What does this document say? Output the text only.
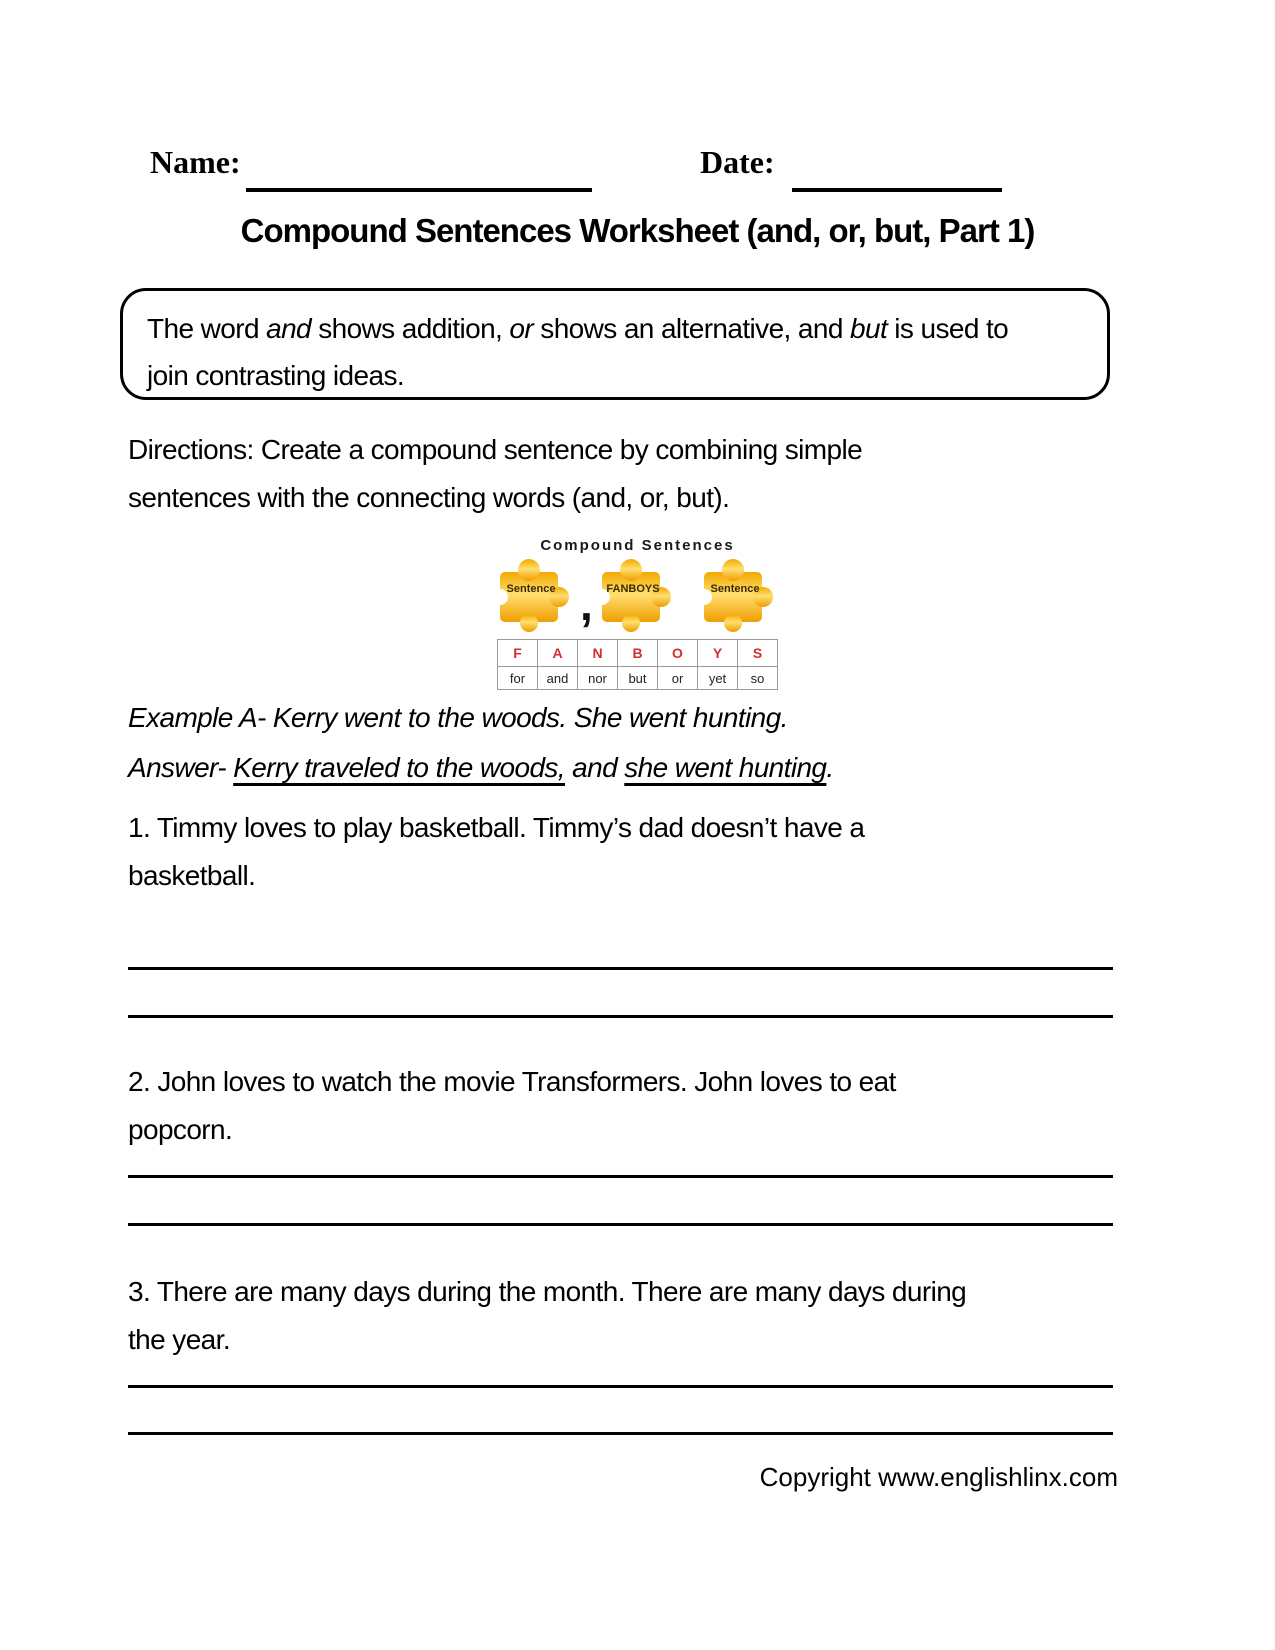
Name:	Date:
Compound Sentences Worksheet (and, or, but, Part 1)
The word and shows addition, or shows an alternative, and but is used to
join contrasting ideas.
Directions: Create a compound sentence by combining simple
sentences with the connecting words (and, or, but).
Compound Sentences
Sentence , FANBOYS	Sentence
F	A	N	B	O	Y	S
for	and	nor	but	or	yet	so
Example A- Kerry went to the woods. She went hunting.
Answer- Kerry traveled to the woods, and she went hunting.
1. Timmy loves to play basketball. Timmy’s dad doesn’t have a
basketball.
2. John loves to watch the movie Transformers. John loves to eat
popcorn.
3. There are many days during the month. There are many days during
the year.
Copyright www.englishlinx.com
